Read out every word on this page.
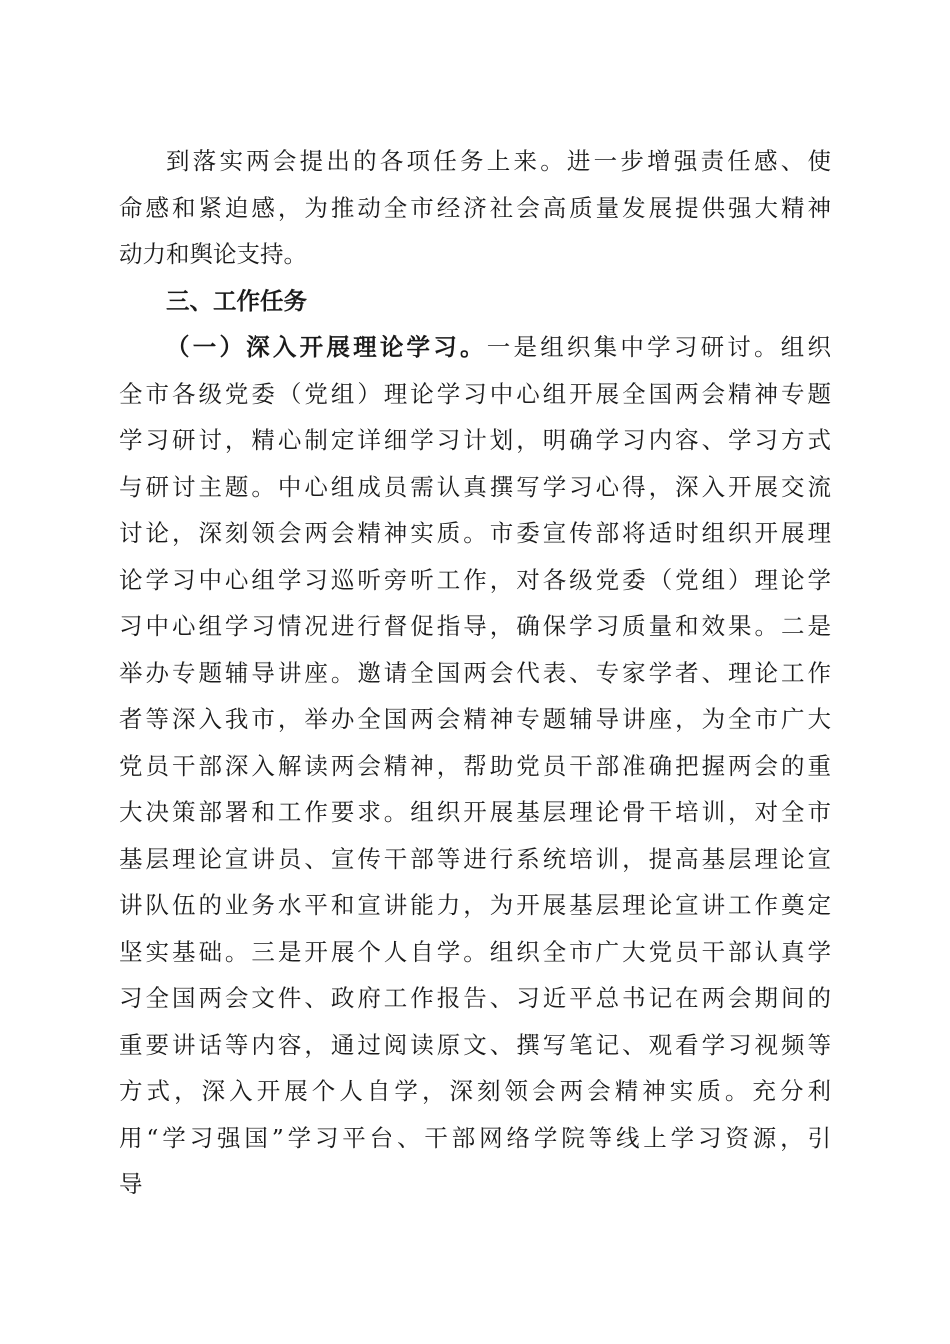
到落实两会提出的各项任务上来。进一步增强责任感、使
命感和紧迫感，为推动全市经济社会高质量发展提供强大精神
动力和舆论支持。
三、工作任务
（一）深入开展理论学习。一是组织集中学习研讨。组织
全市各级党委（党组）理论学习中心组开展全国两会精神专题
学习研讨，精心制定详细学习计划，明确学习内容、学习方式
与研讨主题。中心组成员需认真撰写学习心得，深入开展交流
讨论，深刻领会两会精神实质。市委宣传部将适时组织开展理
论学习中心组学习巡听旁听工作，对各级党委（党组）理论学
习中心组学习情况进行督促指导，确保学习质量和效果。二是
举办专题辅导讲座。邀请全国两会代表、专家学者、理论工作
者等深入我市，举办全国两会精神专题辅导讲座，为全市广大
党员干部深入解读两会精神，帮助党员干部准确把握两会的重
大决策部署和工作要求。组织开展基层理论骨干培训，对全市
基层理论宣讲员、宣传干部等进行系统培训，提高基层理论宣
讲队伍的业务水平和宣讲能力，为开展基层理论宣讲工作奠定
坚实基础。三是开展个人自学。组织全市广大党员干部认真学
习全国两会文件、政府工作报告、习近平总书记在两会期间的
重要讲话等内容，通过阅读原文、撰写笔记、观看学习视频等
方式，深入开展个人自学，深刻领会两会精神实质。充分利
用“学习强国”学习平台、干部网络学院等线上学习资源，引
导
